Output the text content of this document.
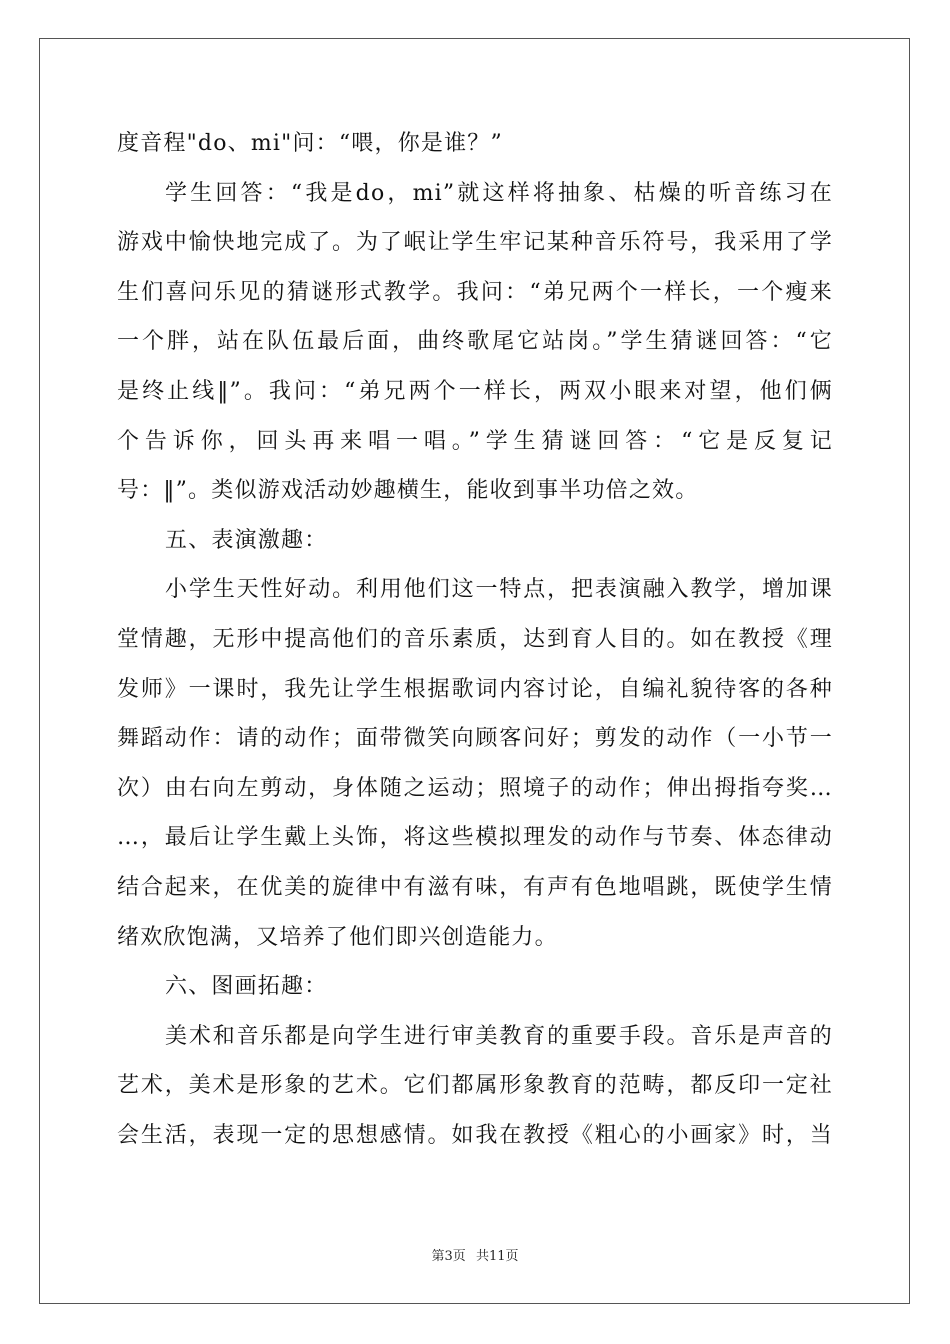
度音程"do、mi"问：“喂，你是谁？”
学生回答：“我是do，mi”就这样将抽象、枯燥的听音练习在
游戏中愉快地完成了。为了岷让学生牢记某种音乐符号，我采用了学
生们喜问乐见的猜谜形式教学。我问：“弟兄两个一样长，一个瘦来
一个胖，站在队伍最后面，曲终歌尾它站岗。”学生猜谜回答：“它
是终止线‖”。我问：“弟兄两个一样长，两双小眼来对望，他们俩
个告诉你，回头再来唱一唱。”学生猜谜回答：“它是反复记
号：‖”。类似游戏活动妙趣横生，能收到事半功倍之效。
五、表演激趣：
小学生天性好动。利用他们这一特点，把表演融入教学，增加课
堂情趣，无形中提高他们的音乐素质，达到育人目的。如在教授《理
发师》一课时，我先让学生根据歌词内容讨论，自编礼貌待客的各种
舞蹈动作：请的动作；面带微笑向顾客问好；剪发的动作（一小节一
次）由右向左剪动，身体随之运动；照境子的动作；伸出拇指夸奖…
…，最后让学生戴上头饰，将这些模拟理发的动作与节奏、体态律动
结合起来，在优美的旋律中有滋有味，有声有色地唱跳，既使学生情
绪欢欣饱满，又培养了他们即兴创造能力。
六、图画拓趣：
美术和音乐都是向学生进行审美教育的重要手段。音乐是声音的
艺术，美术是形象的艺术。它们都属形象教育的范畴，都反印一定社
会生活，表现一定的思想感情。如我在教授《粗心的小画家》时，当
第3页 共11页
